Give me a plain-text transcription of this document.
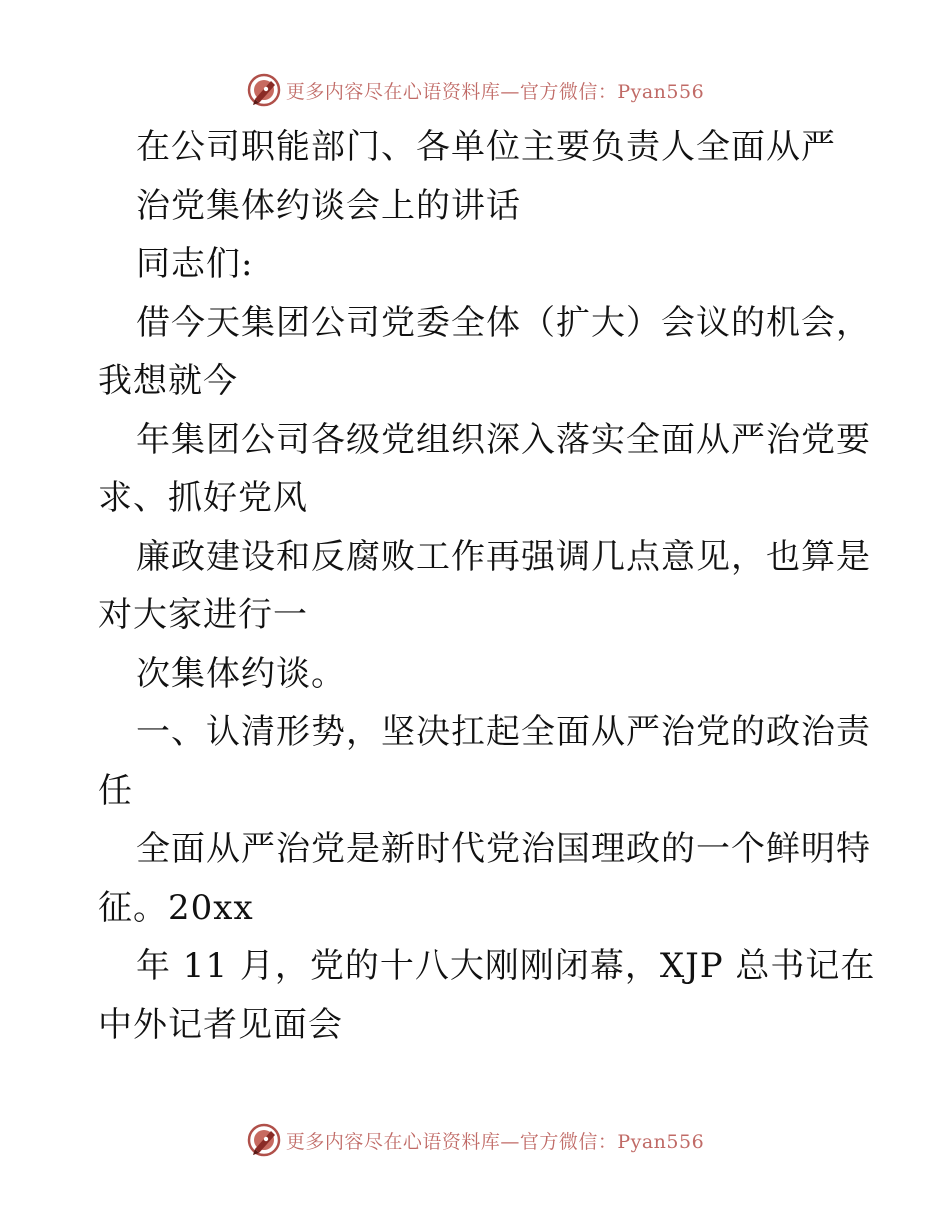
更多内容尽在心语资料库—官方微信：Pyan556
在公司职能部门、各单位主要负责人全面从严
治党集体约谈会上的讲话
同志们:
借今天集团公司党委全体（扩大）会议的机会，
我想就今
年集团公司各级党组织深入落实全面从严治党要
求、抓好党风
廉政建设和反腐败工作再强调几点意见，也算是
对大家进行一
次集体约谈。
一、认清形势，坚决扛起全面从严治党的政治责
任
全面从严治党是新时代党治国理政的一个鲜明特
征。20xx
年 11 月，党的十八大刚刚闭幕，XJP 总书记在
中外记者见面会
更多内容尽在心语资料库—官方微信：Pyan556
